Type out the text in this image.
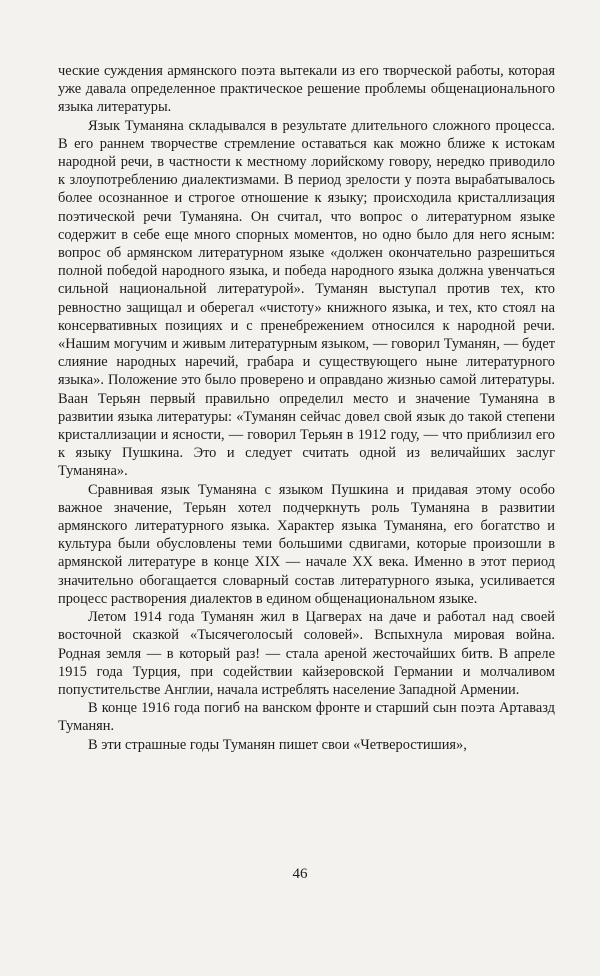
ческие суждения армянского поэта вытекали из его творческой работы, которая уже давала определенное практическое решение проблемы общенационального языка литературы.

Язык Туманяна складывался в результате длительного сложного процесса. В его раннем творчестве стремление оставаться как можно ближе к истокам народной речи, в частности к местному лорийскому говору, нередко приводило к злоупотреблению диалектизмами. В период зрелости у поэта вырабатывалось более осознанное и строгое отношение к языку; происходила кристаллизация поэтической речи Туманяна. Он считал, что вопрос о литературном языке содержит в себе еще много спорных моментов, но одно было для него ясным: вопрос об армянском литературном языке «должен окончательно разрешиться полной победой народного языка, и победа народного языка должна увенчаться сильной национальной литературой». Туманян выступал против тех, кто ревностно защищал и оберегал «чистоту» книжного языка, и тех, кто стоял на консервативных позициях и с пренебрежением относился к народной речи. «Нашим могучим и живым литературным языком, — говорил Туманян, — будет слияние народных наречий, грабара и существующего ныне литературного языка». Положение это было проверено и оправдано жизнью самой литературы. Ваан Терьян первый правильно определил место и значение Туманяна в развитии языка литературы: «Туманян сейчас довел свой язык до такой степени кристаллизации и ясности, — говорил Терьян в 1912 году, — что приблизил его к языку Пушкина. Это и следует считать одной из величайших заслуг Туманяна».

Сравнивая язык Туманяна с языком Пушкина и придавая этому особо важное значение, Терьян хотел подчеркнуть роль Туманяна в развитии армянского литературного языка. Характер языка Туманяна, его богатство и культура были обусловлены теми большими сдвигами, которые произошли в армянской литературе в конце XIX — начале XX века. Именно в этот период значительно обогащается словарный состав литературного языка, усиливается процесс растворения диалектов в едином общенациональном языке.

Летом 1914 года Туманян жил в Цагверах на даче и работал над своей восточной сказкой «Тысячеголосый соловей». Вспыхнула мировая война. Родная земля — в который раз! — стала ареной жесточайших битв. В апреле 1915 года Турция, при содействии кайзеровской Германии и молчаливом попустительстве Англии, начала истреблять население Западной Армении.

В конце 1916 года погиб на ванском фронте и старший сын поэта Артавазд Туманян.

В эти страшные годы Туманян пишет свои «Четверостишия»,

46
